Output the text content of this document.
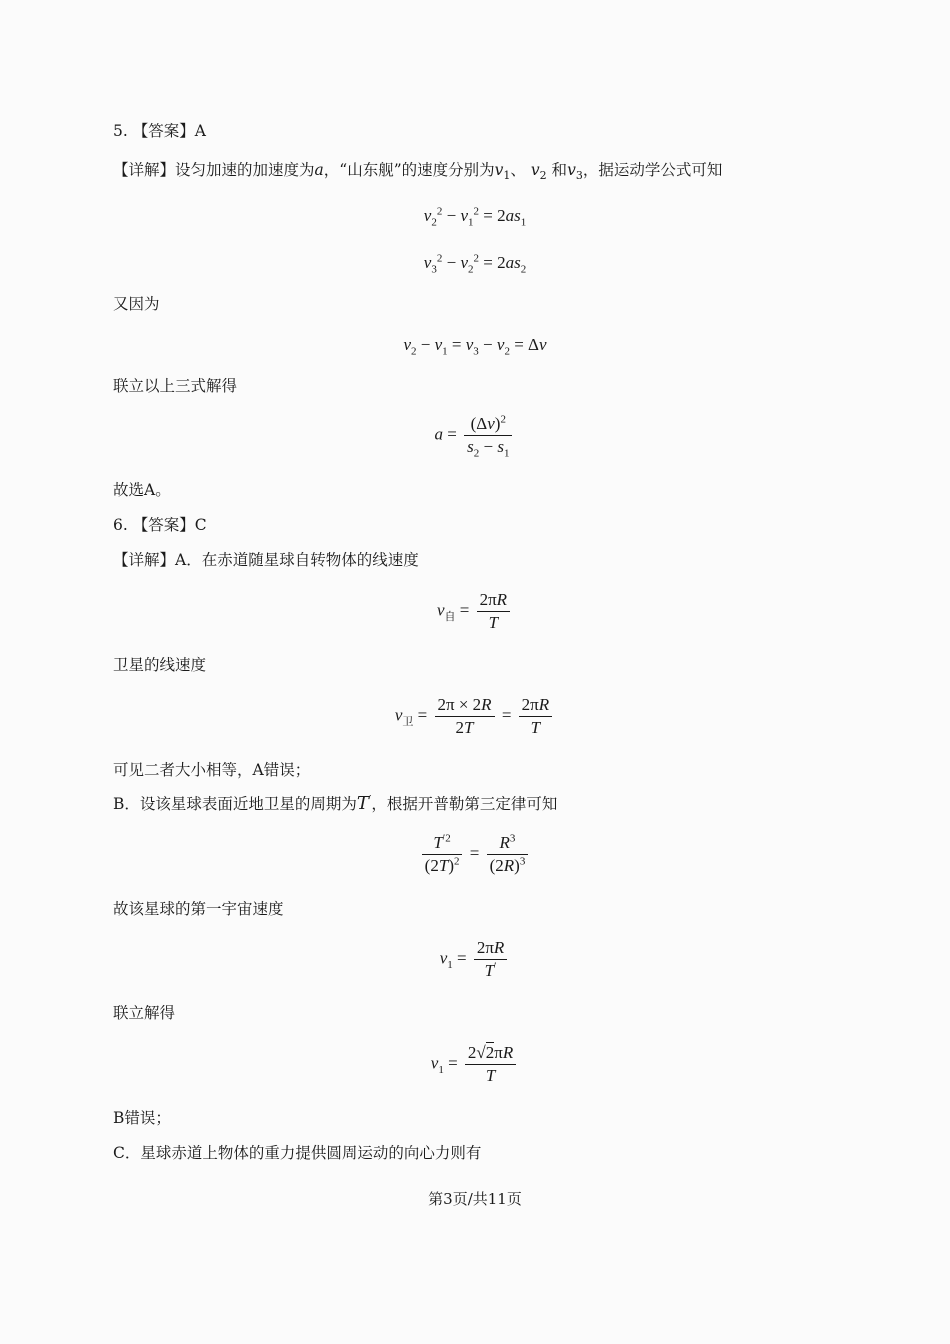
5. 【答案】A
【详解】设匀加速的加速度为a，“山东舰”的速度分别为$v_1$、 $v_2$ 和$v_3$，据运动学公式可知
$v_2^2 - v_1^2 = 2as_1$
$v_3^2 - v_2^2 = 2as_2$
又因为
$v_2 - v_1 = v_3 - v_2 = \Delta v$
联立以上三式解得
$a = \frac{(\Delta v)^2}{s_2 - s_1}$
故选A。
6. 【答案】C
【详解】A．在赤道随星球自转物体的线速度
$v_自 = \frac{2\pi R}{T}$
卫星的线速度
$v_卫 = \frac{2\pi \times 2R}{2T} = \frac{2\pi R}{T}$
可见二者大小相等，A错误；
B．设该星球表面近地卫星的周期为T′，根据开普勒第三定律可知
$\frac{T^{'2}}{(2T)^2} = \frac{R^3}{(2R)^3}$
故该星球的第一宇宙速度
$v_1 = \frac{2\pi R}{T'}$
联立解得
$v_1 = \frac{2√2\pi R}{T}$
B错误；
C．星球赤道上物体的重力提供圆周运动的向心力则有
第3页/共11页
